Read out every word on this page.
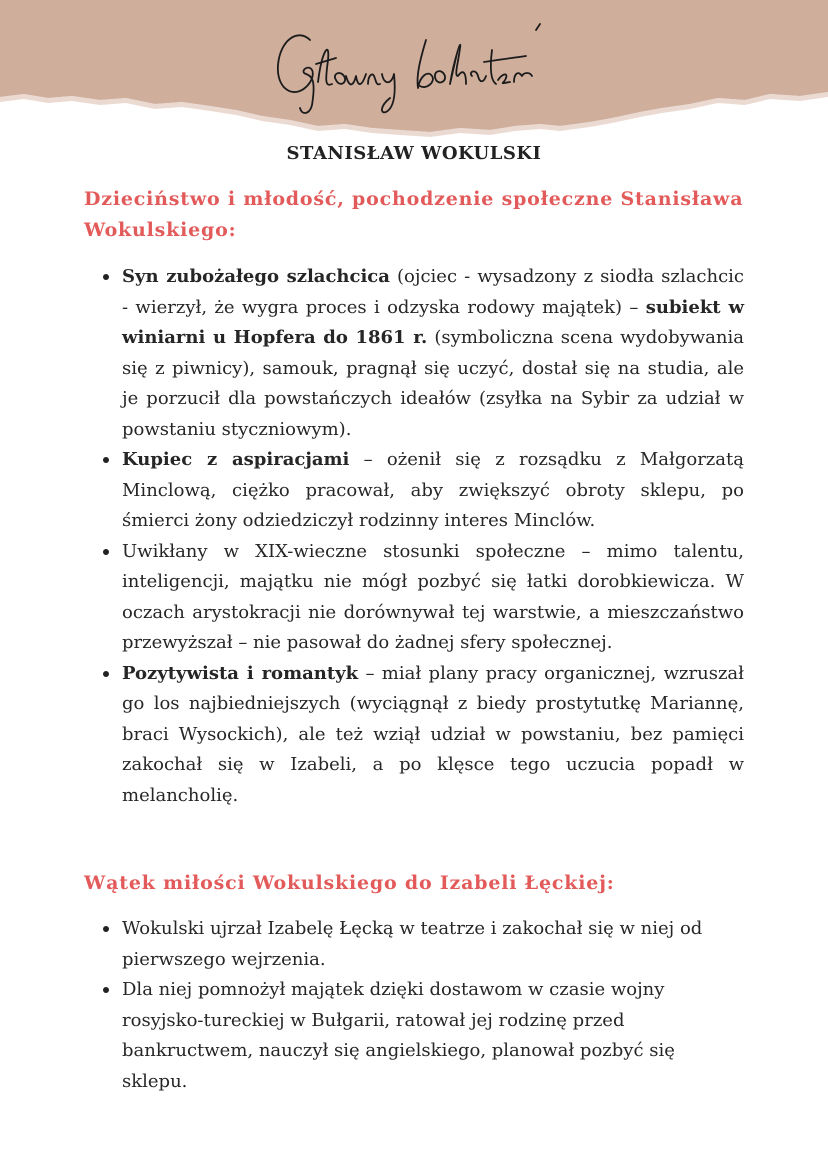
STANISŁAW WOKULSKI
Dzieciństwo i młodość, pochodzenie społeczne Stanisława
Wokulskiego:
Syn zubożałego szlachcica (ojciec - wysadzony z siodła szlachcic - wierzył, że wygra proces i odzyska rodowy majątek) – subiekt w winiarni u Hopfera do 1861 r. (symboliczna scena wydobywania się z piwnicy), samouk, pragnął się uczyć, dostał się na studia, ale je porzucił dla powstańczych ideałów (zsyłka na Sybir za udział w powstaniu styczniowym).
Kupiec z aspiracjami – ożenił się z rozsądku z Małgorzatą Minclową, ciężko pracował, aby zwiększyć obroty sklepu, po śmierci żony odziedziczył rodzinny interes Minclów.
Uwikłany w XIX-wieczne stosunki społeczne – mimo talentu, inteligencji, majątku nie mógł pozbyć się łatki dorobkiewicza. W oczach arystokracji nie dorównywał tej warstwie, a mieszczaństwo przewyższał – nie pasował do żadnej sfery społecznej.
Pozytywista i romantyk – miał plany pracy organicznej, wzruszał go los najbiedniejszych (wyciągnął z biedy prostytutkę Mariannę, braci Wysockich), ale też wziął udział w powstaniu, bez pamięci zakochał się w Izabeli, a po klęsce tego uczucia popadł w melancholię.
Wątek miłości Wokulskiego do Izabeli Łęckiej:
Wokulski ujrzał Izabelę Łęcką w teatrze i zakochał się w niej od
pierwszego wejrzenia.
Dla niej pomnożył majątek dzięki dostawom w czasie wojny
rosyjsko-tureckiej w Bułgarii, ratował jej rodzinę przed
bankructwem, nauczył się angielskiego, planował pozbyć się
sklepu.
